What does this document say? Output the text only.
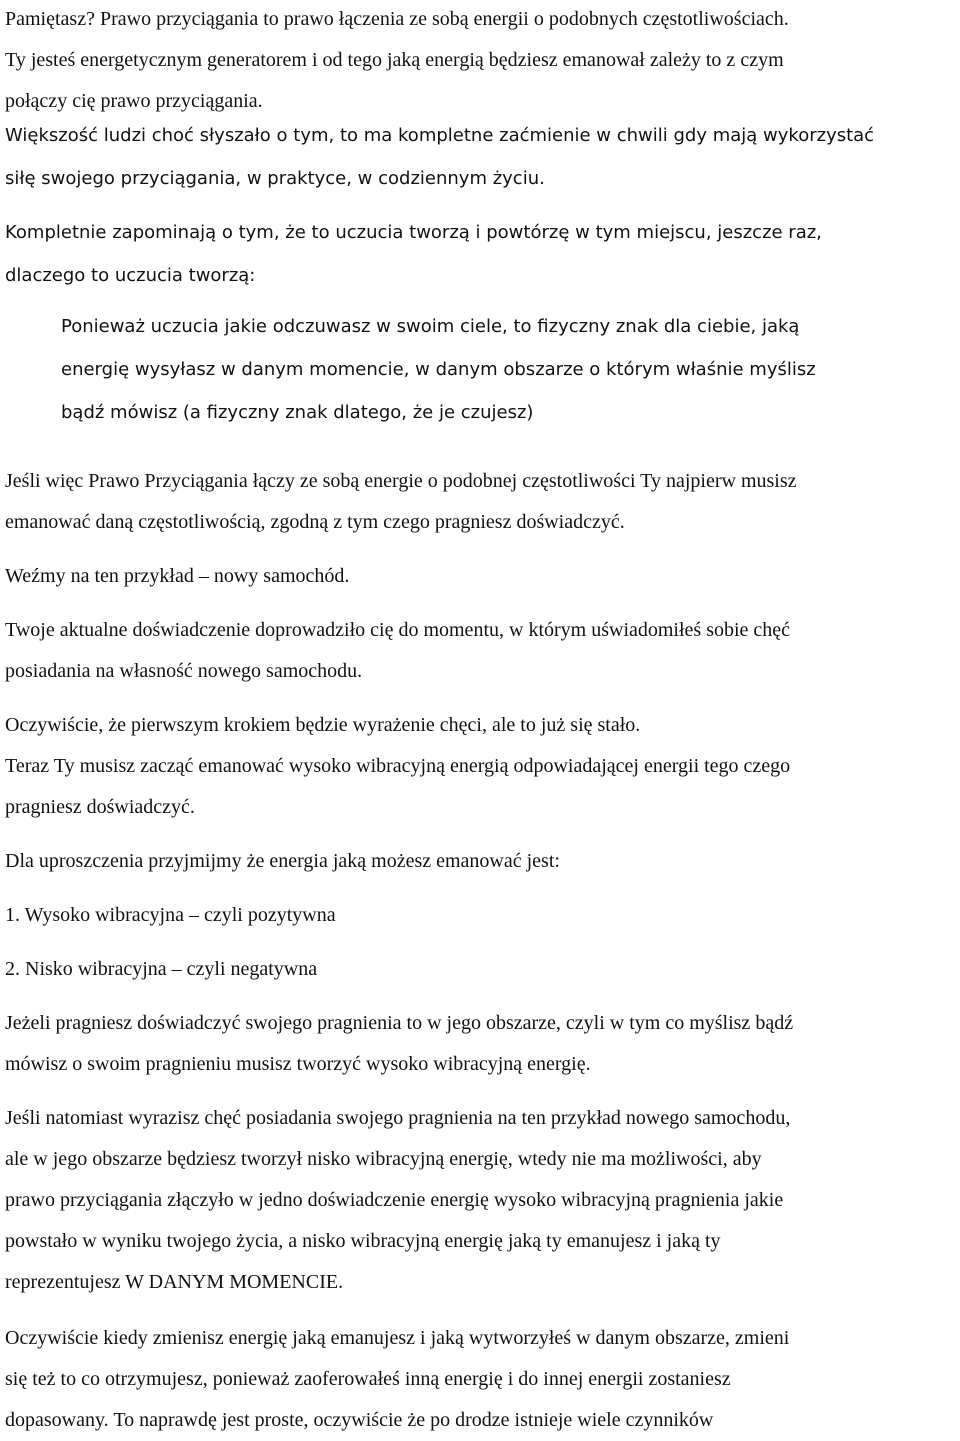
Pamiętasz? Prawo przyciągania to prawo łączenia ze sobą energii o podobnych częstotliwościach.
Ty jesteś energetycznym generatorem i od tego jaką energią będziesz emanował zależy to z czym
połączy cię prawo przyciągania.

Większość ludzi choć słyszało o tym, to ma kompletne zaćmienie w chwili gdy mają wykorzystać
siłę swojego przyciągania, w praktyce, w codziennym życiu.

Kompletnie zapominają o tym, że to uczucia tworzą i powtórzę w tym miejscu, jeszcze raz,
dlaczego to uczucia tworzą:

Ponieważ uczucia jakie odczuwasz w swoim ciele, to fizyczny znak dla ciebie, jaką
energię wysyłasz w danym momencie, w danym obszarze o którym właśnie myślisz
bądź mówisz (a fizyczny znak dlatego, że je czujesz)

Jeśli więc Prawo Przyciągania łączy ze sobą energie o podobnej częstotliwości Ty najpierw musisz
emanować daną częstotliwością, zgodną z tym czego pragniesz doświadczyć.

Weźmy na ten przykład – nowy samochód.

Twoje aktualne doświadczenie doprowadziło cię do momentu, w którym uświadomiłeś sobie chęć
posiadania na własność nowego samochodu.

Oczywiście, że pierwszym krokiem będzie wyrażenie chęci, ale to już się stało.

Teraz Ty musisz zacząć emanować wysoko wibracyjną energią odpowiadającej energii tego czego
pragniesz doświadczyć.

Dla uproszczenia przyjmijmy że energia jaką możesz emanować jest:

1. Wysoko wibracyjna – czyli pozytywna

2. Nisko wibracyjna – czyli negatywna

Jeżeli pragniesz doświadczyć swojego pragnienia to w jego obszarze, czyli w tym co myślisz bądź
mówisz o swoim pragnieniu musisz tworzyć wysoko wibracyjną energię.

Jeśli natomiast wyrazisz chęć posiadania swojego pragnienia na ten przykład nowego samochodu,
ale w jego obszarze będziesz tworzył nisko wibracyjną energię, wtedy nie ma możliwości, aby
prawo przyciągania złączyło w jedno doświadczenie energię wysoko wibracyjną pragnienia jakie
powstało w wyniku twojego życia, a nisko wibracyjną energię jaką ty emanujesz i jaką ty
reprezentujesz W DANYM MOMENCIE.

Oczywiście kiedy zmienisz energię jaką emanujesz i jaką wytworzyłeś w danym obszarze, zmieni
się też to co otrzymujesz, ponieważ zaoferowałeś inną energię i do innej energii zostaniesz
dopasowany. To naprawdę jest proste, oczywiście że po drodze istnieje wiele czynników
